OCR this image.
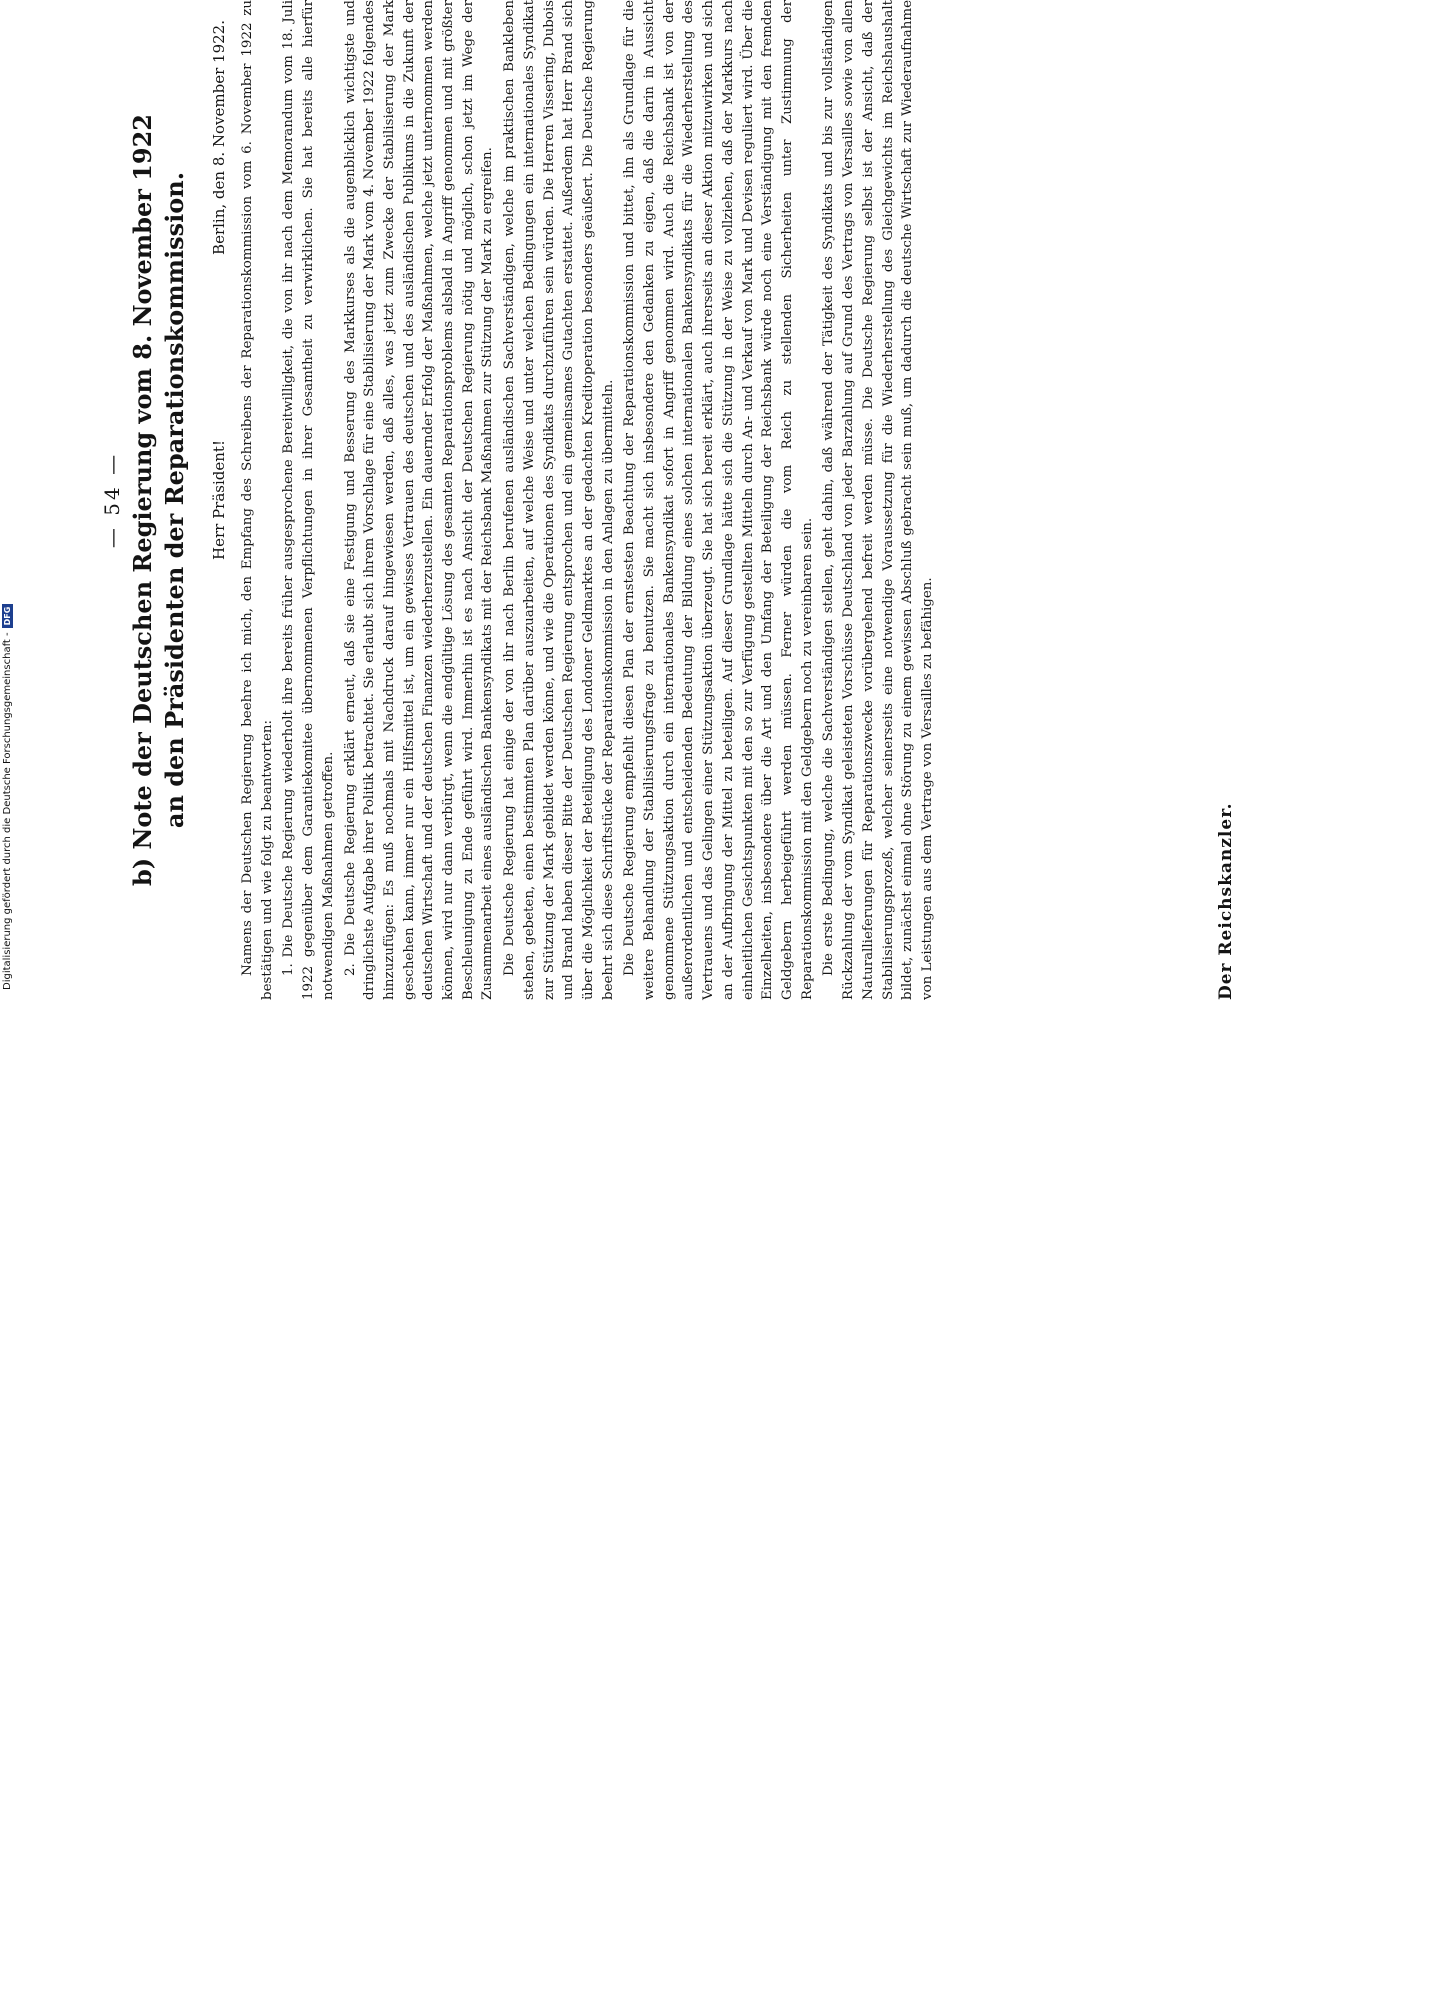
— 54 — b) Note der Deutschen Regierung vom 8. November 1922 an den Präsidenten der Reparationskommission. Herr Präsident!
Berlin, den 8. November 1922. Namens der Deutschen Regierung beehre ich mich, den Empfang des Schreibens der Reparationskommission vom 6. November 1922 zu bestätigen und wie folgt zu beantworten: 1. Die Deutsche Regierung wiederholt ihre bereits früher ausgesprochene Bereitwilligkeit, die von ihr nach dem Memorandum vom 18. Juli 1922 gegenüber dem Garantiekomitee übernommenen Verpflichtungen in ihrer Gesamtheit zu verwirklichen. Sie hat bereits alle hierfür notwendigen Maßnahmen getroffen. 2. Die Deutsche Regierung erklärt erneut, daß sie eine Festigung und Besserung des Markkurses als die augenblicklich wichtigste und dringlichste Aufgabe ihrer Politik betrachtet. Sie erlaubt sich ihrem Vorschlage für eine Stabilisierung der Mark vom 4. November 1922 folgendes hinzuzufügen: Es muß nochmals mit Nachdruck darauf hingewiesen werden, daß alles, was jetzt zum Zwecke der Stabilisierung der Mark geschehen kann, immer nur ein Hilfsmittel ist, um ein gewisses Vertrauen des deutschen und des ausländischen Publikums in die Zukunft der deutschen Wirtschaft und der deutschen Finanzen wiederherzustellen. Ein dauernder Erfolg der Maßnahmen, welche jetzt unternommen werden können, wird nur dann verbürgt, wenn die endgültige Lösung des gesamten Reparationsproblems alsbald in Angriff genommen und mit größter Beschleunigung zu Ende geführt wird. Immerhin ist es nach Ansicht der Deutschen Regierung nötig und möglich, schon jetzt im Wege der Zusammenarbeit eines ausländischen Bankensyndikats mit der Reichsbank Maßnahmen zur Stützung der Mark zu ergreifen. Die Deutsche Regierung hat einige der von ihr nach Berlin berufenen ausländischen Sachverständigen, welche im praktischen Bankleben stehen, gebeten, einen bestimmten Plan darüber auszuarbeiten, auf welche Weise und unter welchen Bedingungen ein internationales Syndikat zur Stützung der Mark gebildet werden könne, und wie die Operationen des Syndikats durchzuführen sein würden. Die Herren Vissering, Dubois und Brand haben dieser Bitte der Deutschen Regierung entsprochen und ein gemeinsames Gutachten erstattet. Außerdem hat Herr Brand sich über die Möglichkeit der Beteiligung des Londoner Geldmarktes an der gedachten Kreditoperation besonders geäußert. Die Deutsche Regierung beehrt sich diese Schriftstücke der Reparationskommission in den Anlagen zu übermitteln. Die Deutsche Regierung empfiehlt diesen Plan der ernstesten Beachtung der Reparationskommission und bittet, ihn als Grundlage für die weitere Behandlung der Stabilisierungsfrage zu benutzen. Sie macht sich insbesondere den Gedanken zu eigen, daß die darin in Aussicht genommene Stützungsaktion durch ein internationales Bankensyndikat sofort in Angriff genommen wird. Auch die Reichsbank ist von der außerordentlichen und entscheidenden Bedeutung der Bildung eines solchen internationalen Bankensyndikats für die Wiederherstellung des Vertrauens und das Gelingen einer Stützungsaktion überzeugt. Sie hat sich bereit erklärt, auch ihrerseits an dieser Aktion mitzuwirken und sich an der Aufbringung der Mittel zu beteiligen. Auf dieser Grundlage hätte sich die Stützung in der Weise zu vollziehen, daß der Markkurs nach einheitlichen Gesichtspunkten mit den so zur Verfügung gestellten Mitteln durch An- und Verkauf von Mark und Devisen reguliert wird. Über die Einzelheiten, insbesondere über die Art und den Umfang der Beteiligung der Reichsbank würde noch eine Verständigung mit den fremden Geldgebern herbeigeführt werden müssen. Ferner würden die vom Reich zu stellenden Sicherheiten unter Zustimmung der Reparationskommission mit den Geldgebern noch zu vereinbaren sein. Die erste Bedingung, welche die Sachverständigen stellen, geht dahin, daß während der Tätigkeit des Syndikats und bis zur vollständigen Rückzahlung der vom Syndikat geleisteten Vorschüsse Deutschland von jeder Barzahlung auf Grund des Vertrags von Versailles sowie von allen Naturallieferungen für Reparationszwecke vorübergehend befreit werden müsse. Die Deutsche Regierung selbst ist der Ansicht, daß der Stabilisierungsprozeß, welcher seinerseits eine notwendige Voraussetzung für die Wiederherstellung des Gleichgewichts im Reichshaushalt bildet, zunächst einmal ohne Störung zu einem gewissen Abschluß gebracht sein muß, um dadurch die deutsche Wirtschaft zur Wiederaufnahme von Leistungen aus dem Vertrage von Versailles zu befähigen.	Der Reichskanzler.
Digitalisierung gefördert durch die Deutsche Forschungsgemeinschaft -
DFG
